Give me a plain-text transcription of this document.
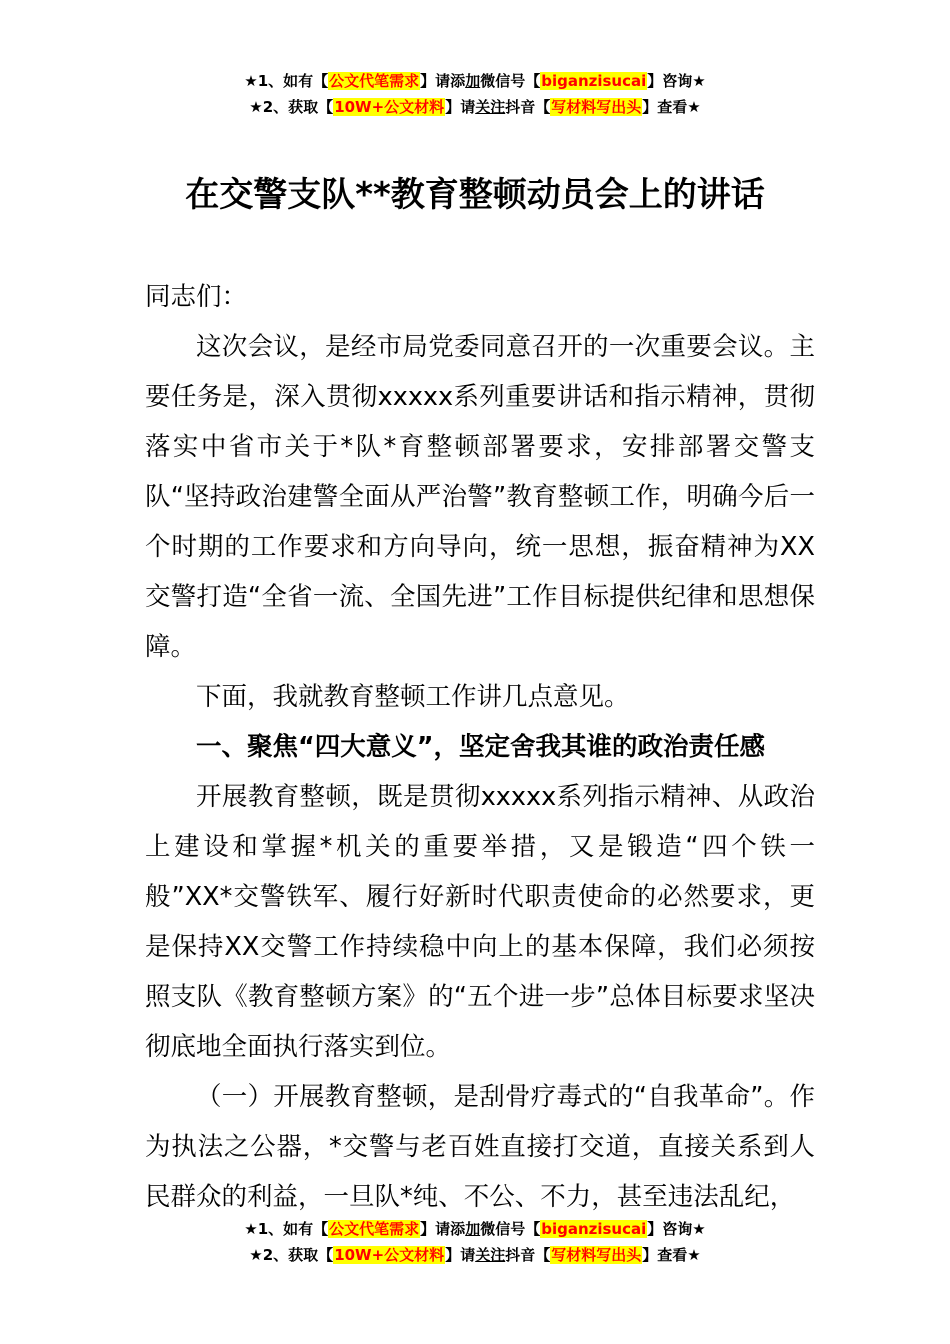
★1、如有【公文代笔需求】请添加微信号【biganzisucai】咨询★
★2、获取【10W+公文材料】请关注抖音【写材料写出头】查看★
在交警支队**教育整顿动员会上的讲话

同志们：

这次会议，是经市局党委同意召开的一次重要会议。主要任务是，深入贯彻xxxxx系列重要讲话和指示精神，贯彻落实中省市关于*队*育整顿部署要求，安排部署交警支队“坚持政治建警全面从严治警”教育整顿工作，明确今后一个时期的工作要求和方向导向，统一思想，振奋精神为XX交警打造“全省一流、全国先进”工作目标提供纪律和思想保障。

下面，我就教育整顿工作讲几点意见。

一、聚焦“四大意义”，坚定舍我其谁的政治责任感

开展教育整顿，既是贯彻xxxxx系列指示精神、从政治上建设和掌握*机关的重要举措，又是锻造“四个铁一般”XX*交警铁军、履行好新时代职责使命的必然要求，更是保持XX交警工作持续稳中向上的基本保障，我们必须按照支队《教育整顿方案》的“五个进一步”总体目标要求坚决彻底地全面执行落实到位。

（一）开展教育整顿，是刮骨疗毒式的“自我革命”。作为执法之公器，*交警与老百姓直接打交道，直接关系到人民群众的利益，一旦队*纯、不公、不力，甚至违法乱纪，

★1、如有【公文代笔需求】请添加微信号【biganzisucai】咨询★
★2、获取【10W+公文材料】请关注抖音【写材料写出头】查看★
